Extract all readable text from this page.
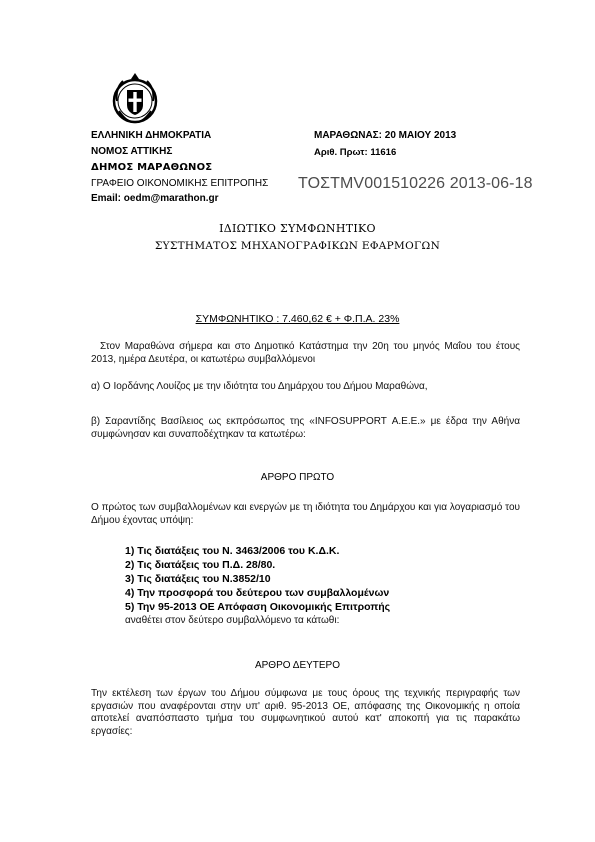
ΕΛΛΗΝΙΚΗ ΔΗΜΟΚΡΑΤΙΑ
ΝΟΜΟΣ ΑΤΤΙΚΗΣ
ΔΗΜΟΣ ΜΑΡΑΘΩΝΟΣ
ΓΡΑΦΕΙΟ ΟΙΚΟΝΟΜΙΚΗΣ ΕΠΙΤΡΟΠΗΣ
Email: oedm@marathon.gr
ΜΑΡΑΘΩΝΑΣ: 20 ΜΑΙΟΥ 2013
Αριθ. Πρωτ: 11616
ΤΟΣΤΜV001510226 2013-06-18
ΙΔΙΩΤΙΚΟ ΣΥΜΦΩΝΗΤΙΚΟ
ΣΥΣΤΗΜΑΤΟΣ ΜΗΧΑΝΟΓΡΑΦΙΚΩΝ ΕΦΑΡΜΟΓΩΝ
ΣΥΜΦΩΝΗΤΙΚΟ : 7.460,62 € + Φ.Π.Α. 23%
Στον Μαραθώνα σήμερα και στο Δημοτικό Κατάστημα την 20η του μηνός Μαΐου του έτους 2013, ημέρα Δευτέρα, οι κατωτέρω συμβαλλόμενοι
α) Ο Ιορδάνης Λουίζος με την ιδιότητα του Δημάρχου του Δήμου Μαραθώνα,
β) Σαραντίδης Βασίλειος ως εκπρόσωπος της «INFOSUPPORT Α.Ε.Ε.» με έδρα την Αθήνα συμφώνησαν και συναποδέχτηκαν τα κατωτέρω:
ΑΡΘΡΟ ΠΡΩΤΟ
Ο πρώτος των συμβαλλομένων και ενεργών με τη ιδιότητα του Δημάρχου και για λογαριασμό του Δήμου έχοντας υπόψη:
1) Τις διατάξεις του Ν. 3463/2006 του Κ.Δ.Κ.
2) Τις διατάξεις του Π.Δ. 28/80.
3) Τις διατάξεις του Ν.3852/10
4) Την προσφορά του δεύτερου των συμβαλλομένων
5) Την 95-2013 ΟΕ Απόφαση Οικονομικής Επιτροπής
αναθέτει στον δεύτερο συμβαλλόμενο τα κάτωθι:
ΑΡΘΡΟ ΔΕΥΤΕΡΟ
Την εκτέλεση των έργων του Δήμου σύμφωνα με τους όρους της τεχνικής περιγραφής των εργασιών που αναφέρονται στην υπ' αριθ. 95-2013 ΟΕ, απόφασης της Οικονομικής η οποία αποτελεί αναπόσπαστο τμήμα του συμφωνητικού αυτού κατ' αποκοπή για τις παρακάτω εργασίες:
